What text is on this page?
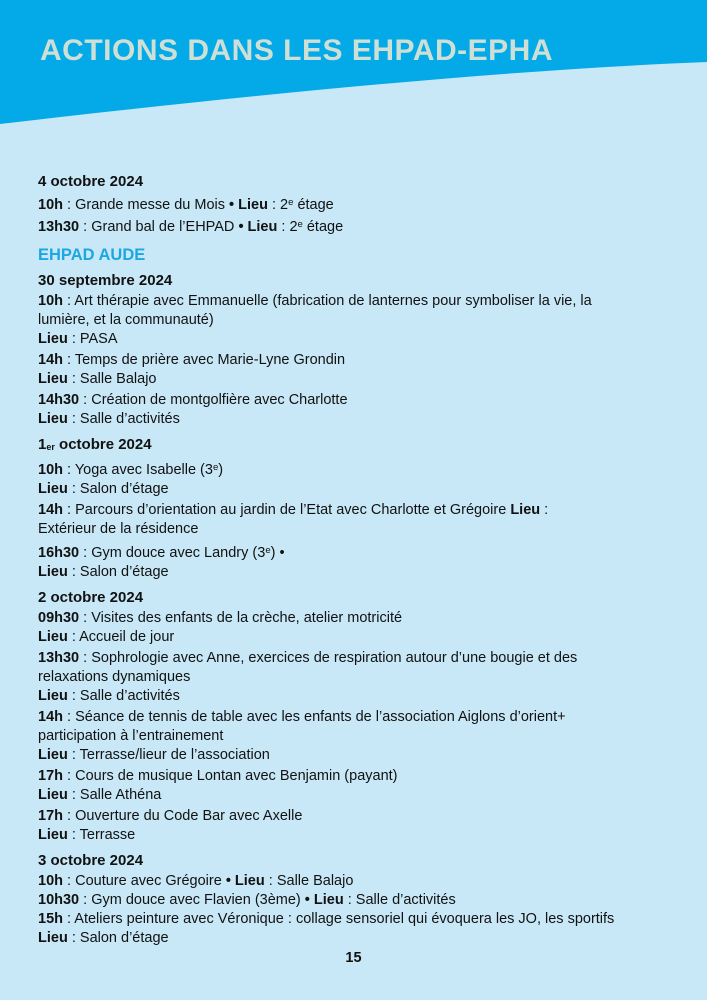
ACTIONS DANS LES EHPAD-EPHA
4 octobre 2024
10h : Grande messe du Mois • Lieu : 2e étage
13h30 : Grand bal de l’EHPAD • Lieu : 2e étage
EHPAD AUDE
30 septembre 2024
10h : Art thérapie avec Emmanuelle (fabrication de lanternes pour symboliser la vie, la
lumière, et la communauté)
Lieu : PASA
14h : Temps de prière avec Marie-Lyne Grondin
Lieu : Salle Balajo
14h30 : Création de montgolfière avec Charlotte
Lieu : Salle d’activités
1er octobre 2024
10h : Yoga avec Isabelle (3e)
Lieu : Salon d’étage
14h : Parcours d’orientation au jardin de l’Etat avec Charlotte et Grégoire Lieu :
Extérieur de la résidence
16h30 : Gym douce avec Landry (3e) •
Lieu : Salon d’étage
2 octobre 2024
09h30 : Visites des enfants de la crèche, atelier motricité
Lieu : Accueil de jour
13h30 : Sophrologie avec Anne, exercices de respiration autour d’une bougie et des
relaxations dynamiques
Lieu : Salle d’activités
14h : Séance de tennis de table avec les enfants de l’association Aiglons d’orient+
participation à l’entrainement
Lieu : Terrasse/lieur de l’association
17h : Cours de musique Lontan avec Benjamin (payant)
Lieu : Salle Athéna
17h : Ouverture du Code Bar avec Axelle
Lieu : Terrasse
3 octobre 2024
10h : Couture avec Grégoire • Lieu : Salle Balajo
10h30 : Gym douce avec Flavien (3ème) • Lieu : Salle d’activités
15h : Ateliers peinture avec Véronique : collage sensoriel qui évoquera les JO, les sportifs
Lieu : Salon d’étage
15
